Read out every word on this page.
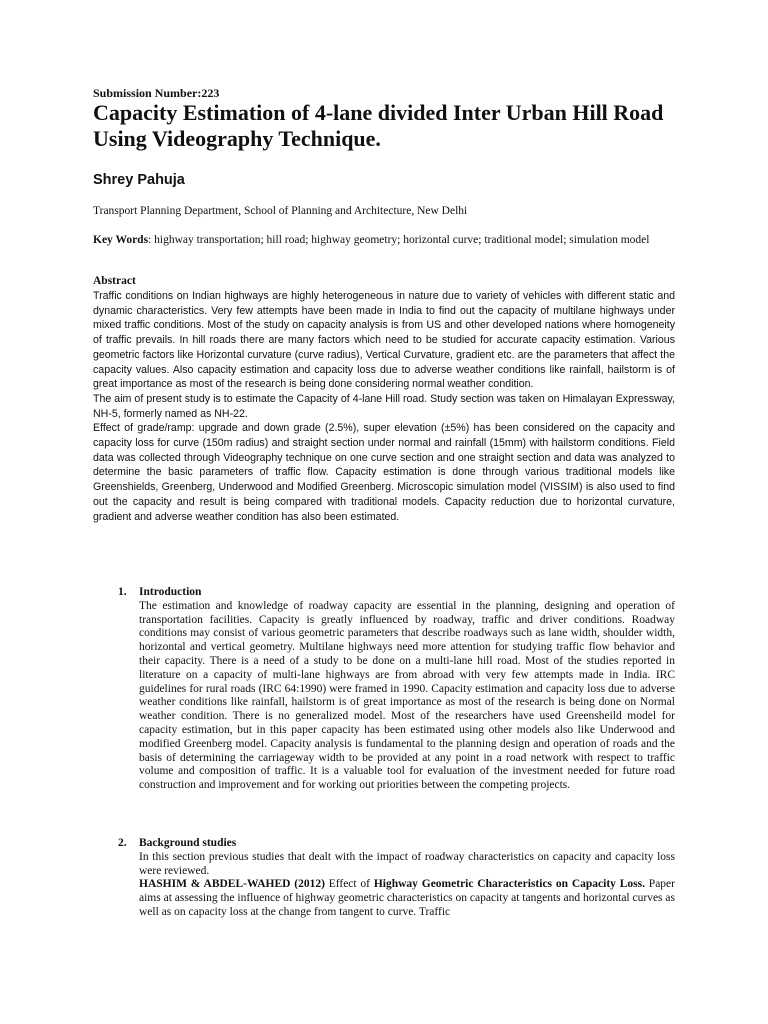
Submission Number:223
Capacity Estimation of 4-lane divided Inter Urban Hill Road Using Videography Technique.
Shrey Pahuja
Transport Planning Department, School of Planning and Architecture, New Delhi
Key Words: highway transportation; hill road; highway geometry; horizontal curve; traditional model; simulation model
Abstract

Traffic conditions on Indian highways are highly heterogeneous in nature due to variety of vehicles with different static and dynamic characteristics. Very few attempts have been made in India to find out the capacity of multilane highways under mixed traffic conditions. Most of the study on capacity analysis is from US and other developed nations where homogeneity of traffic prevails. In hill roads there are many factors which need to be studied for accurate capacity estimation. Various geometric factors like Horizontal curvature (curve radius), Vertical Curvature, gradient etc. are the parameters that affect the capacity values. Also capacity estimation and capacity loss due to adverse weather conditions like rainfall, hailstorm is of great importance as most of the research is being done considering normal weather condition.

The aim of present study is to estimate the Capacity of 4-lane Hill road. Study section was taken on Himalayan Expressway, NH-5, formerly named as NH-22.

Effect of grade/ramp: upgrade and down grade (2.5%), super elevation (±5%) has been considered on the capacity and capacity loss for curve (150m radius) and straight section under normal and rainfall (15mm) with hailstorm conditions. Field data was collected through Videography technique on one curve section and one straight section and data was analyzed to determine the basic parameters of traffic flow. Capacity estimation is done through various traditional models like Greenshields, Greenberg, Underwood and Modified Greenberg. Microscopic simulation model (VISSIM) is also used to find out the capacity and result is being compared with traditional models. Capacity reduction due to horizontal curvature, gradient and adverse weather condition has also been estimated.

1. Introduction

The estimation and knowledge of roadway capacity are essential in the planning, designing and operation of transportation facilities. Capacity is greatly influenced by roadway, traffic and driver conditions. Roadway conditions may consist of various geometric parameters that describe roadways such as lane width, shoulder width, horizontal and vertical geometry. Multilane highways need more attention for studying traffic flow behavior and their capacity. There is a need of a study to be done on a multi-lane hill road. Most of the studies reported in literature on a capacity of multi-lane highways are from abroad with very few attempts made in India. IRC guidelines for rural roads (IRC 64:1990) were framed in 1990. Capacity estimation and capacity loss due to adverse weather conditions like rainfall, hailstorm is of great importance as most of the research is being done on Normal weather condition. There is no generalized model. Most of the researchers have used Greensheild model for capacity estimation, but in this paper capacity has been estimated using other models also like Underwood and modified Greenberg model. Capacity analysis is fundamental to the planning design and operation of roads and the basis of determining the carriageway width to be provided at any point in a road network with respect to traffic volume and composition of traffic. It is a valuable tool for evaluation of the investment needed for future road construction and improvement and for working out priorities between the competing projects.

2. Background studies

In this section previous studies that dealt with the impact of roadway characteristics on capacity and capacity loss were reviewed.

HASHIM & ABDEL-WAHED (2012) Effect of Highway Geometric Characteristics on Capacity Loss. Paper aims at assessing the influence of highway geometric characteristics on capacity at tangents and horizontal curves as well as on capacity loss at the change from tangent to curve. Traffic
